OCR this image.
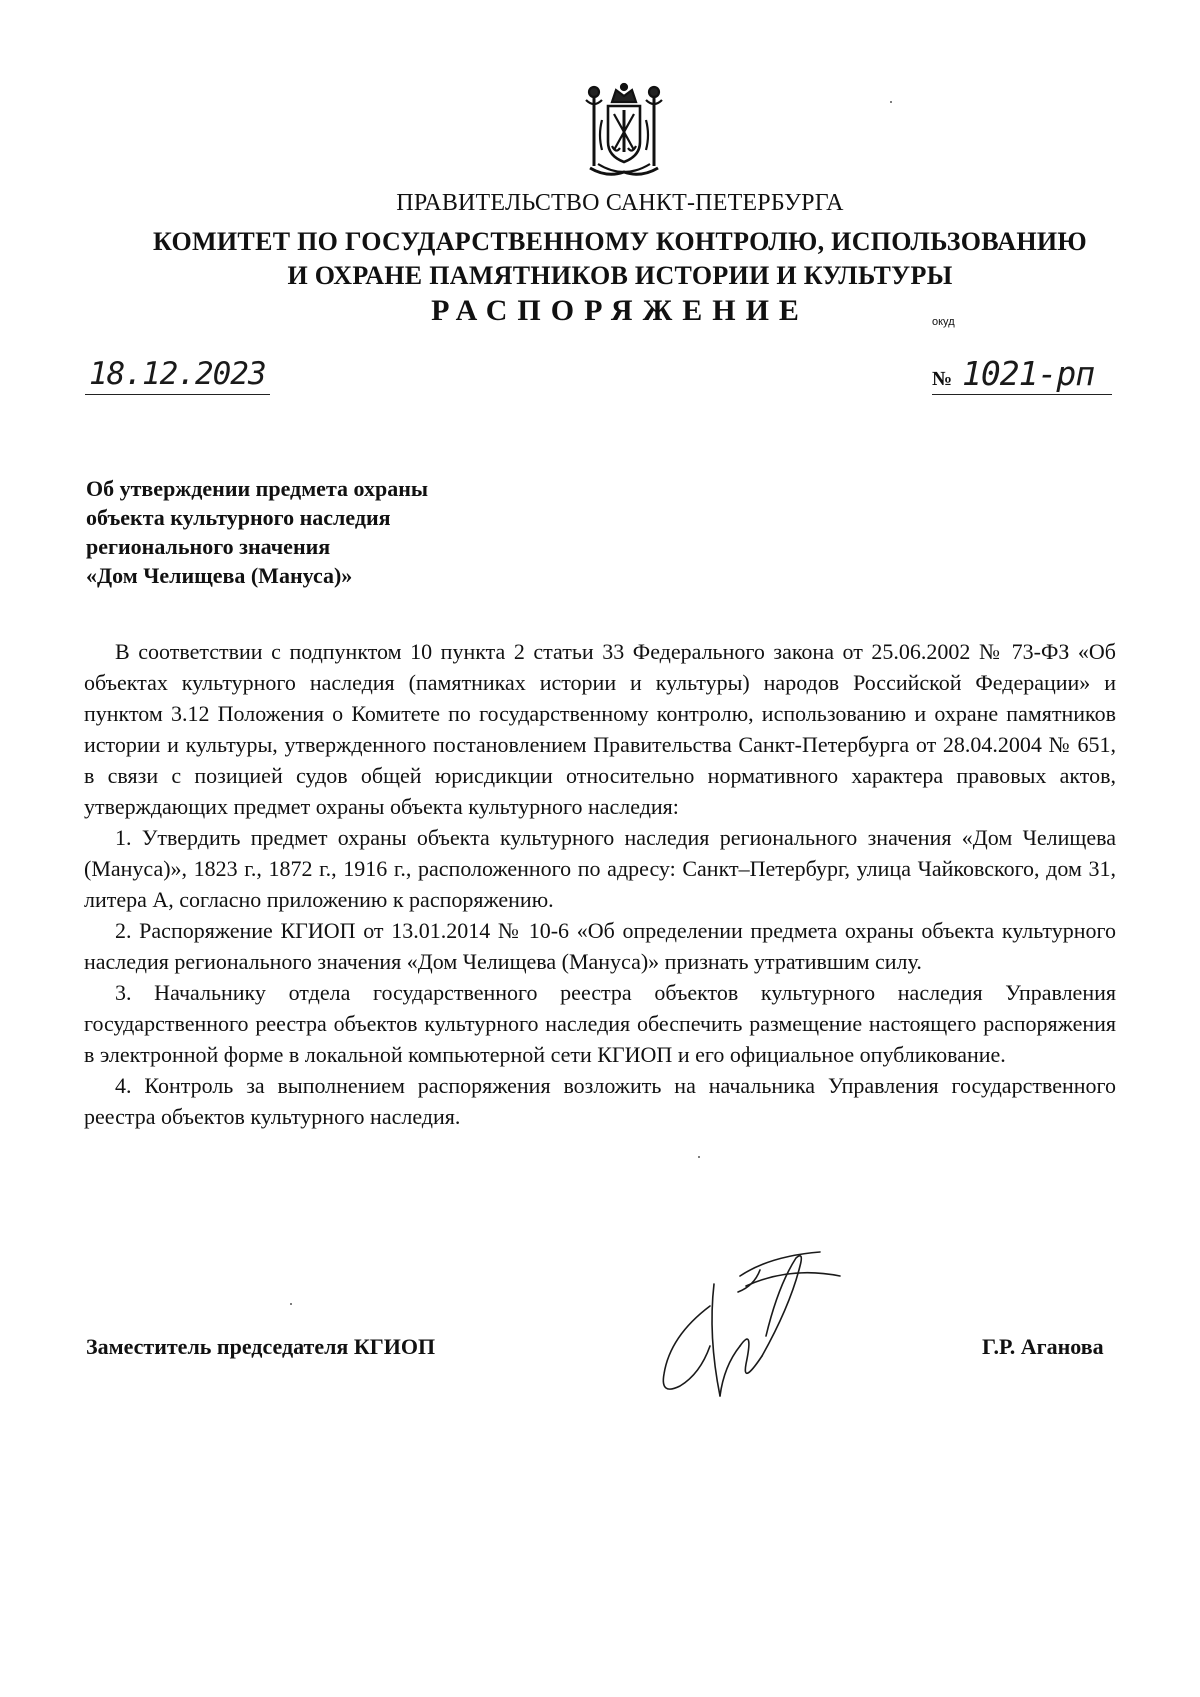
ПРАВИТЕЛЬСТВО САНКТ-ПЕТЕРБУРГА
КОМИТЕТ ПО ГОСУДАРСТВЕННОМУ КОНТРОЛЮ, ИСПОЛЬЗОВАНИЮ
И ОХРАНЕ ПАМЯТНИКОВ ИСТОРИИ И КУЛЬТУРЫ
РАСПОРЯЖЕНИЕ	окуд
18.12.2023	№ 1021-рп
Об утверждении предмета охраны
объекта культурного наследия
регионального значения
«Дом Челищева (Мануса)»

В соответствии с подпунктом 10 пункта 2 статьи 33 Федерального закона от 25.06.2002 № 73-ФЗ «Об объектах культурного наследия (памятниках истории и культуры) народов Российской Федерации» и пунктом 3.12 Положения о Комитете по государственному контролю, использованию и охране памятников истории и культуры, утвержденного постановлением Правительства Санкт-Петербурга от 28.04.2004 № 651, в связи с позицией судов общей юрисдикции относительно нормативного характера правовых актов, утверждающих предмет охраны объекта культурного наследия:

1. Утвердить предмет охраны объекта культурного наследия регионального значения «Дом Челищева (Мануса)», 1823 г., 1872 г., 1916 г., расположенного по адресу: Санкт–Петербург, улица Чайковского, дом 31, литера А, согласно приложению к распоряжению.

2. Распоряжение КГИОП от 13.01.2014 № 10-6 «Об определении предмета охраны объекта культурного наследия регионального значения «Дом Челищева (Мануса)» признать утратившим силу.

3. Начальнику отдела государственного реестра объектов культурного наследия Управления государственного реестра объектов культурного наследия обеспечить размещение настоящего распоряжения в электронной форме в локальной компьютерной сети КГИОП и его официальное опубликование.

4. Контроль за выполнением распоряжения возложить на начальника Управления государственного реестра объектов культурного наследия.

Заместитель председателя КГИОП	Г.Р. Аганова
